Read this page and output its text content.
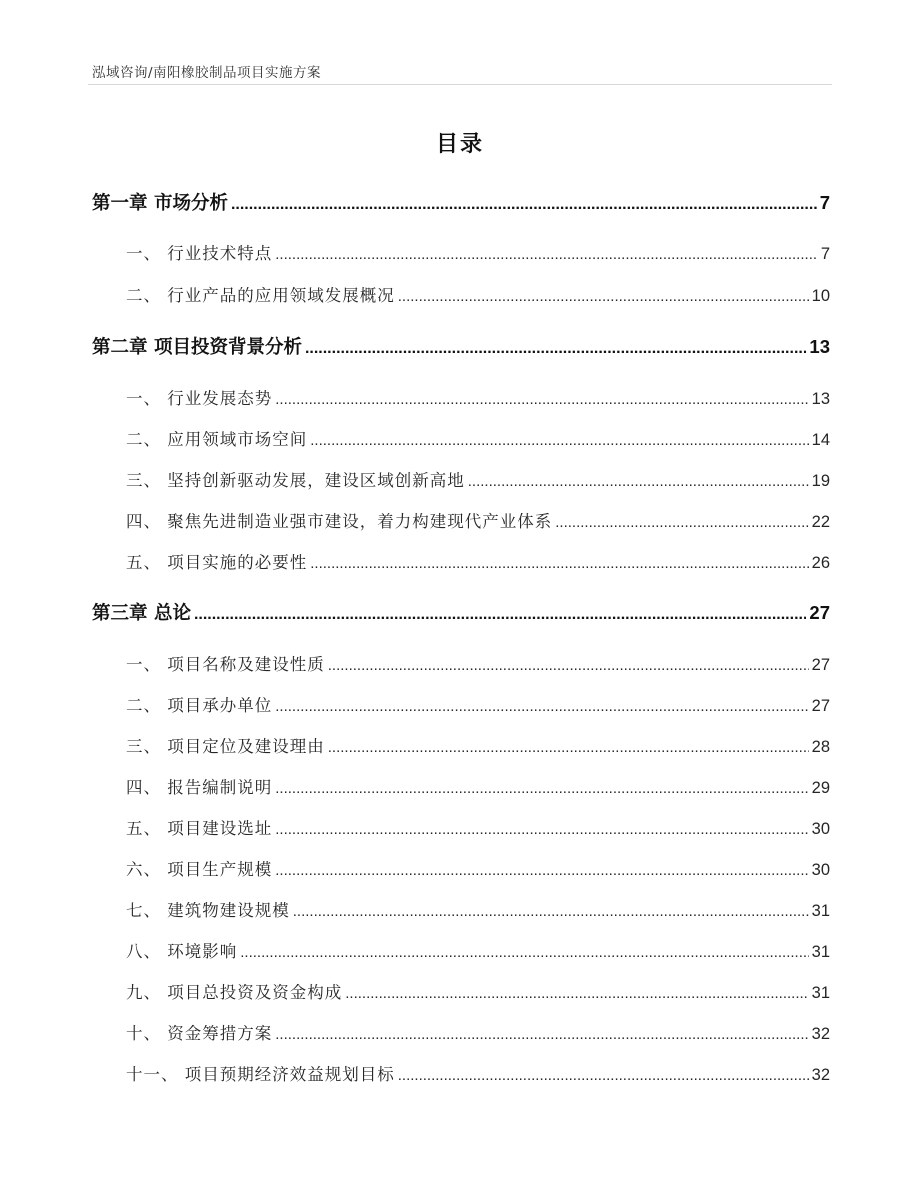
泓域咨询/南阳橡胶制品项目实施方案
目录
第一章 市场分析 .....	7
一、 行业技术特点 .....	7
二、 行业产品的应用领域发展概况 .....	10
第二章 项目投资背景分析 .....	13
一、 行业发展态势 .....	13
二、 应用领域市场空间 .....	14
三、 坚持创新驱动发展，建设区域创新高地 .....	19
四、 聚焦先进制造业强市建设，着力构建现代产业体系 .....	22
五、 项目实施的必要性 .....	26
第三章 总论 .....	27
一、 项目名称及建设性质 .....	27
二、 项目承办单位 .....	27
三、 项目定位及建设理由 .....	28
四、 报告编制说明 .....	29
五、 项目建设选址 .....	30
六、 项目生产规模 .....	30
七、 建筑物建设规模 .....	31
八、 环境影响 .....	31
九、 项目总投资及资金构成 .....	31
十、 资金筹措方案 .....	32
十一、 项目预期经济效益规划目标 .....	32
